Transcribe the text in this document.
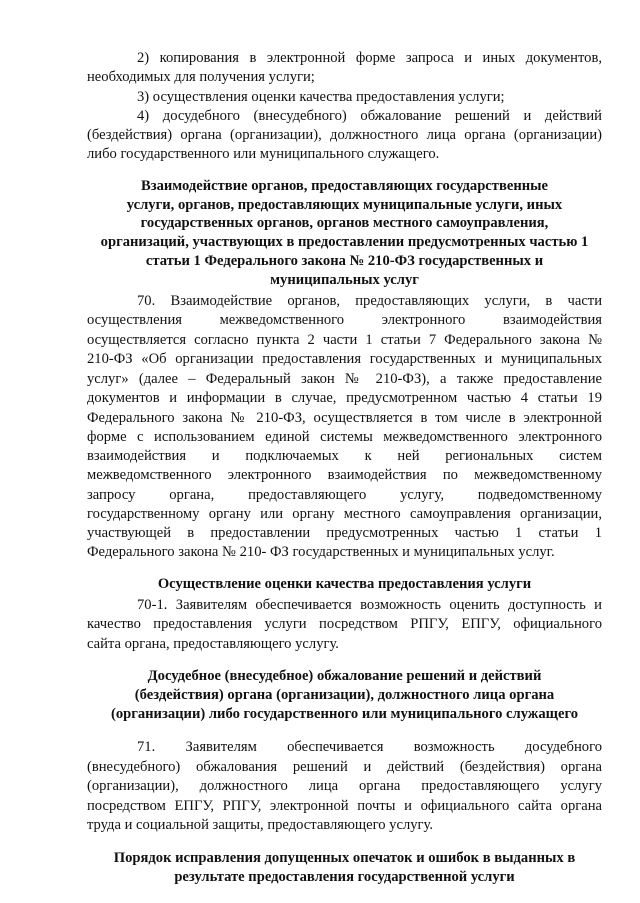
2) копирования в электронной форме запроса и иных документов,
необходимых для получения услуги;
3) осуществления оценки качества предоставления услуги;
4) досудебного (внесудебного) обжалование решений и действий
(бездействия) органа (организации), должностного лица органа (организации)
либо государственного или муниципального служащего.
Взаимодействие органов, предоставляющих государственные
услуги, органов, предоставляющих муниципальные услуги, иных
государственных органов, органов местного самоуправления,
организаций, участвующих в предоставлении предусмотренных частью 1
статьи 1 Федерального закона № 210-ФЗ государственных и
муниципальных услуг
70. Взаимодействие органов, предоставляющих услуги, в части
осуществления межведомственного электронного взаимодействия
осуществляется согласно пункта 2 части 1 статьи 7 Федерального закона №
210-ФЗ «Об организации предоставления государственных и муниципальных
услуг» (далее – Федеральный закон № 210-ФЗ), а также предоставление
документов и информации в случае, предусмотренном частью 4 статьи 19
Федерального закона № 210-ФЗ, осуществляется в том числе в электронной
форме с использованием единой системы межведомственного электронного
взаимодействия и подключаемых к ней региональных систем
межведомственного электронного взаимодействия по межведомственному
запросу органа, предоставляющего услугу, подведомственному
государственному органу или органу местного самоуправления организации,
участвующей в предоставлении предусмотренных частью 1 статьи 1
Федерального закона № 210- ФЗ государственных и муниципальных услуг.
Осуществление оценки качества предоставления услуги
70-1. Заявителям обеспечивается возможность оценить доступность и
качество предоставления услуги посредством РПГУ, ЕПГУ, официального
сайта органа, предоставляющего услугу.
Досудебное (внесудебное) обжалование решений и действий
(бездействия) органа (организации), должностного лица органа
(организации) либо государственного или муниципального служащего
71. Заявителям обеспечивается возможность досудебного
(внесудебного) обжалования решений и действий (бездействия) органа
(организации), должностного лица органа предоставляющего услугу
посредством ЕПГУ, РПГУ, электронной почты и официального сайта органа
труда и социальной защиты, предоставляющего услугу.
Порядок исправления допущенных опечаток и ошибок в выданных в
результате предоставления государственной услуги
